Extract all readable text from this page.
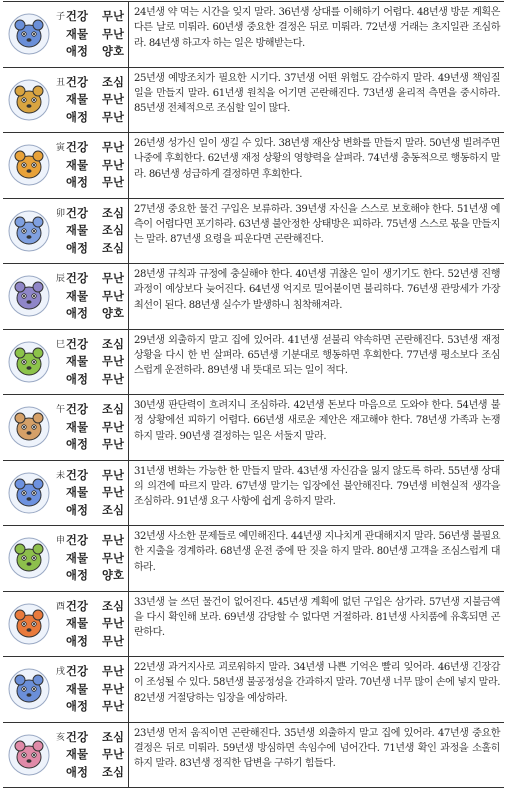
子 건강	무난
재물	무난
애정	양호
24년생 약 먹는 시간을 잊지 말라. 36년생 상대를 이해하기 어렵다. 48년생 방문 계획은 다른 날로 미뤄라. 60년생 중요한 결정은 뒤로 미뤄라. 72년생 거래는 초지일관 조심하라. 84년생 하고자 하는 일은 방해받는다.
丑 건강	조심
재물	무난
애정	무난
25년생 예방조치가 필요한 시기다. 37년생 어떤 위험도 감수하지 말라. 49년생 책임질 일을 만들지 말라. 61년생 원칙을 어기면 곤란해진다. 73년생 윤리적 측면을 중시하라. 85년생 전체적으로 조심할 일이 많다.
寅 건강	무난
재물	무난
애정	무난
26년생 성가신 일이 생길 수 있다. 38년생 재산상 변화를 만들지 말라. 50년생 빌려주면 나중에 후회한다. 62년생 재정 상황의 영향력을 살펴라. 74년생 충동적으로 행동하지 말라. 86년생 성급하게 결정하면 후회한다.
卯 건강	조심
재물	조심
애정	조심
27년생 중요한 물건 구입은 보류하라. 39년생 자신을 스스로 보호해야 한다. 51년생 예측이 어렵다면 포기하라. 63년생 불안정한 상태방은 피하라. 75년생 스스로 몫을 만들지는 말라. 87년생 요령을 피운다면 곤란해진다.
辰 건강	무난
재물	무난
애정	양호
28년생 규칙과 규정에 충실해야 한다. 40년생 귀찮은 일이 생기기도 한다. 52년생 진행 과정이 예상보다 늦어진다. 64년생 억지로 밀어붙이면 불리하다. 76년생 관망세가 가장 최선이 된다. 88년생 실수가 발생하니 침착해져라.
巳 건강	조심
재물	무난
애정	무난
29년생 외출하지 말고 집에 있어라. 41년생 섣불리 약속하면 곤란해진다. 53년생 재정상황을 다시 한 번 살펴라. 65년생 기분대로 행동하면 후회한다. 77년생 평소보다 조심스럽게 운전하라. 89년생 내 뜻대로 되는 일이 적다.
午 건강	조심
재물	무난
애정	무난
30년생 판단력이 흐려지니 조심하라. 42년생 돈보다 마음으로 도와야 한다. 54년생 불정 상황에선 피하기 어렵다. 66년생 새로운 제안은 재고해야 한다. 78년생 가족과 논쟁하지 말라. 90년생 결정하는 일은 서둘지 말라.
未 건강	무난
재물	무난
애정	조심
31년생 변화는 가능한 한 만들지 말라. 43년생 자신감을 잃지 않도록 하라. 55년생 상대의 의견에 따르지 말라. 67년생 말기는 입장에선 불안해진다. 79년생 비현실적 생각을 조심하라. 91년생 요구 사항에 쉽게 응하지 말라.
申 건강	무난
재물	무난
애정	양호
32년생 사소한 문제들로 예민해진다. 44년생 지나치게 관대해지지 말라. 56년생 불필요한 지출을 경계하라. 68년생 운전 중에 딴 짓을 하지 말라. 80년생 고객을 조심스럽게 대하라.
酉 건강	조심
재물	무난
애정	무난
33년생 늘 쓰던 물건이 없어진다. 45년생 계획에 없던 구입은 삼가라. 57년생 지불금액을 다시 확인해 보라. 69년생 감당할 수 없다면 거절하라. 81년생 사치품에 유혹되면 곤란하다.
戌 건강	무난
재물	무난
애정	무난
22년생 과거지사로 괴로워하지 말라. 34년생 나쁜 기억은 빨리 잊어라. 46년생 긴장감이 조성될 수 있다. 58년생 불공정성을 간과하지 말라. 70년생 너무 많이 손에 넣지 말라. 82년생 거절당하는 입장을 예상하라.
亥 건강	조심
재물	무난
애정	조심
23년생 먼저 움직이면 곤란해진다. 35년생 외출하지 말고 집에 있어라. 47년생 중요한 결정은 뒤로 미뤄라. 59년생 방심하면 속임수에 넘어간다. 71년생 확인 과정을 소홀히 하지 말라. 83년생 정직한 답변을 구하기 힘들다.
